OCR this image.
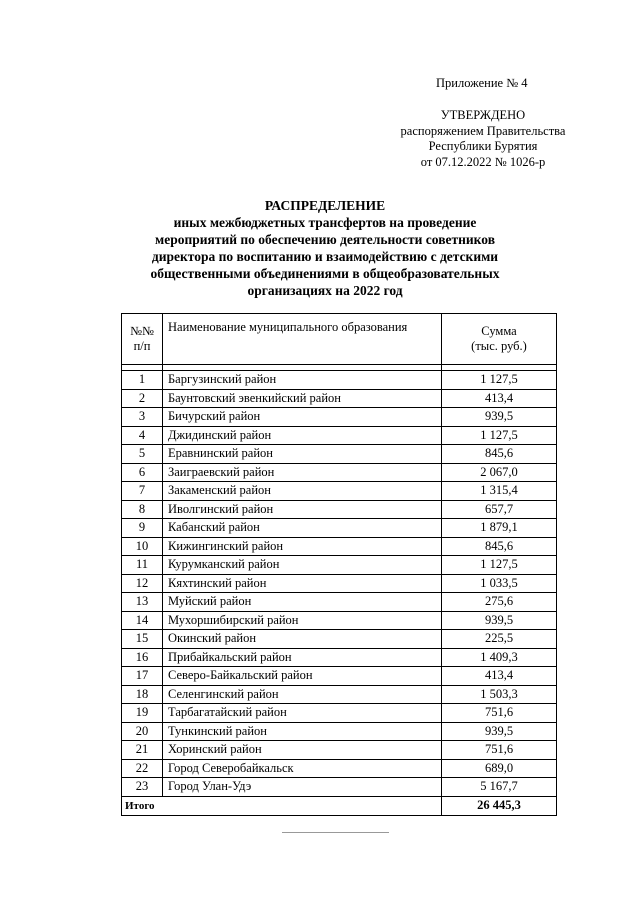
Приложение № 4
УТВЕРЖДЕНО
распоряжением Правительства
Республики Бурятия
от 07.12.2022 № 1026-р
РАСПРЕДЕЛЕНИЕ
иных межбюджетных трансфертов на проведение
мероприятий по обеспечению деятельности советников
директора по воспитанию и взаимодействию с детскими
общественными объединениями в общеобразовательных
организациях на 2022 год
№№
п/п	Наименование муниципального образования	Сумма
(тыс. руб.)

1	Баргузинский район	1 127,5
2	Баунтовский эвенкийский район	413,4
3	Бичурский район	939,5
4	Джидинский район	1 127,5
5	Еравнинский район	845,6
6	Заиграевский район	2 067,0
7	Закаменский район	1 315,4
8	Иволгинский район	657,7
9	Кабанский район	1 879,1
10	Кижингинский район	845,6
11	Курумканский район	1 127,5
12	Кяхтинский район	1 033,5
13	Муйский район	275,6
14	Мухоршибирский район	939,5
15	Окинский район	225,5
16	Прибайкальский район	1 409,3
17	Северо-Байкальский район	413,4
18	Селенгинский район	1 503,3
19	Тарбагатайский район	751,6
20	Тункинский район	939,5
21	Хоринский район	751,6
22	Город Северобайкальск	689,0
23	Город Улан-Удэ	5 167,7
Итого		26 445,3
